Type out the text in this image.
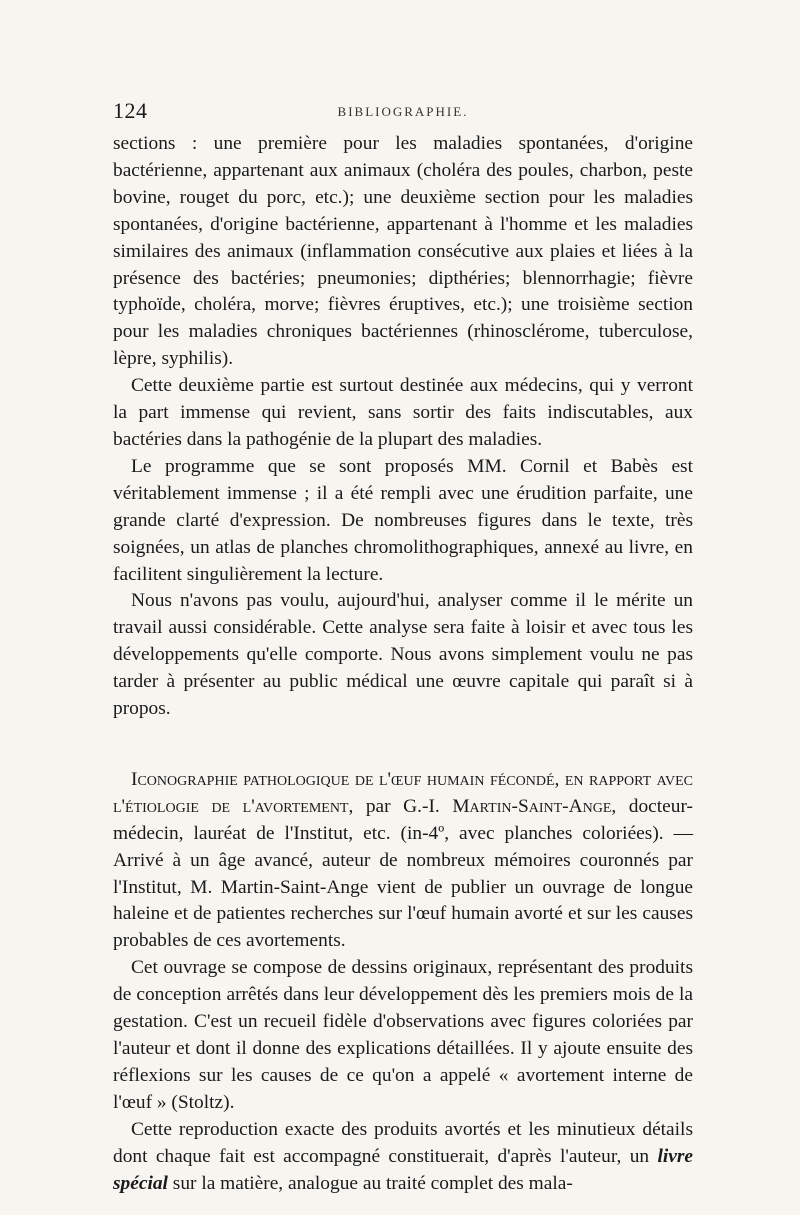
124	BIBLIOGRAPHIE.

sections : une première pour les maladies spontanées, d'origine bactérienne, appartenant aux animaux (choléra des poules, charbon, peste bovine, rouget du porc, etc.); une deuxième section pour les maladies spontanées, d'origine bactérienne, appartenant à l'homme et les maladies similaires des animaux (inflammation consécutive aux plaies et liées à la présence des bactéries; pneumonies; dipthéries; blennorrhagie; fièvre typhoïde, choléra, morve; fièvres éruptives, etc.); une troisième section pour les maladies chroniques bactériennes (rhinosclérome, tuberculose, lèpre, syphilis).

Cette deuxième partie est surtout destinée aux médecins, qui y verront la part immense qui revient, sans sortir des faits indiscutables, aux bactéries dans la pathogénie de la plupart des maladies.

Le programme que se sont proposés MM. Cornil et Babès est véritablement immense ; il a été rempli avec une érudition parfaite, une grande clarté d'expression. De nombreuses figures dans le texte, très soignées, un atlas de planches chromolithographiques, annexé au livre, en facilitent singulièrement la lecture.

Nous n'avons pas voulu, aujourd'hui, analyser comme il le mérite un travail aussi considérable. Cette analyse sera faite à loisir et avec tous les développements qu'elle comporte. Nous avons simplement voulu ne pas tarder à présenter au public médical une œuvre capitale qui paraît si à propos.

Iconographie pathologique de l'œuf humain fécondé, en rapport avec l'étiologie de l'avortement, par G.-I. Martin-Saint-Ange, docteur-médecin, lauréat de l'Institut, etc. (in-4º, avec planches coloriées). — Arrivé à un âge avancé, auteur de nombreux mémoires couronnés par l'Institut, M. Martin-Saint-Ange vient de publier un ouvrage de longue haleine et de patientes recherches sur l'œuf humain avorté et sur les causes probables de ces avortements.

Cet ouvrage se compose de dessins originaux, représentant des produits de conception arrêtés dans leur développement dès les premiers mois de la gestation. C'est un recueil fidèle d'observations avec figures coloriées par l'auteur et dont il donne des explications détaillées. Il y ajoute ensuite des réflexions sur les causes de ce qu'on a appelé « avortement interne de l'œuf » (Stoltz).

Cette reproduction exacte des produits avortés et les minutieux détails dont chaque fait est accompagné constituerait, d'après l'auteur, un livre spécial sur la matière, analogue au traité complet des mala-
